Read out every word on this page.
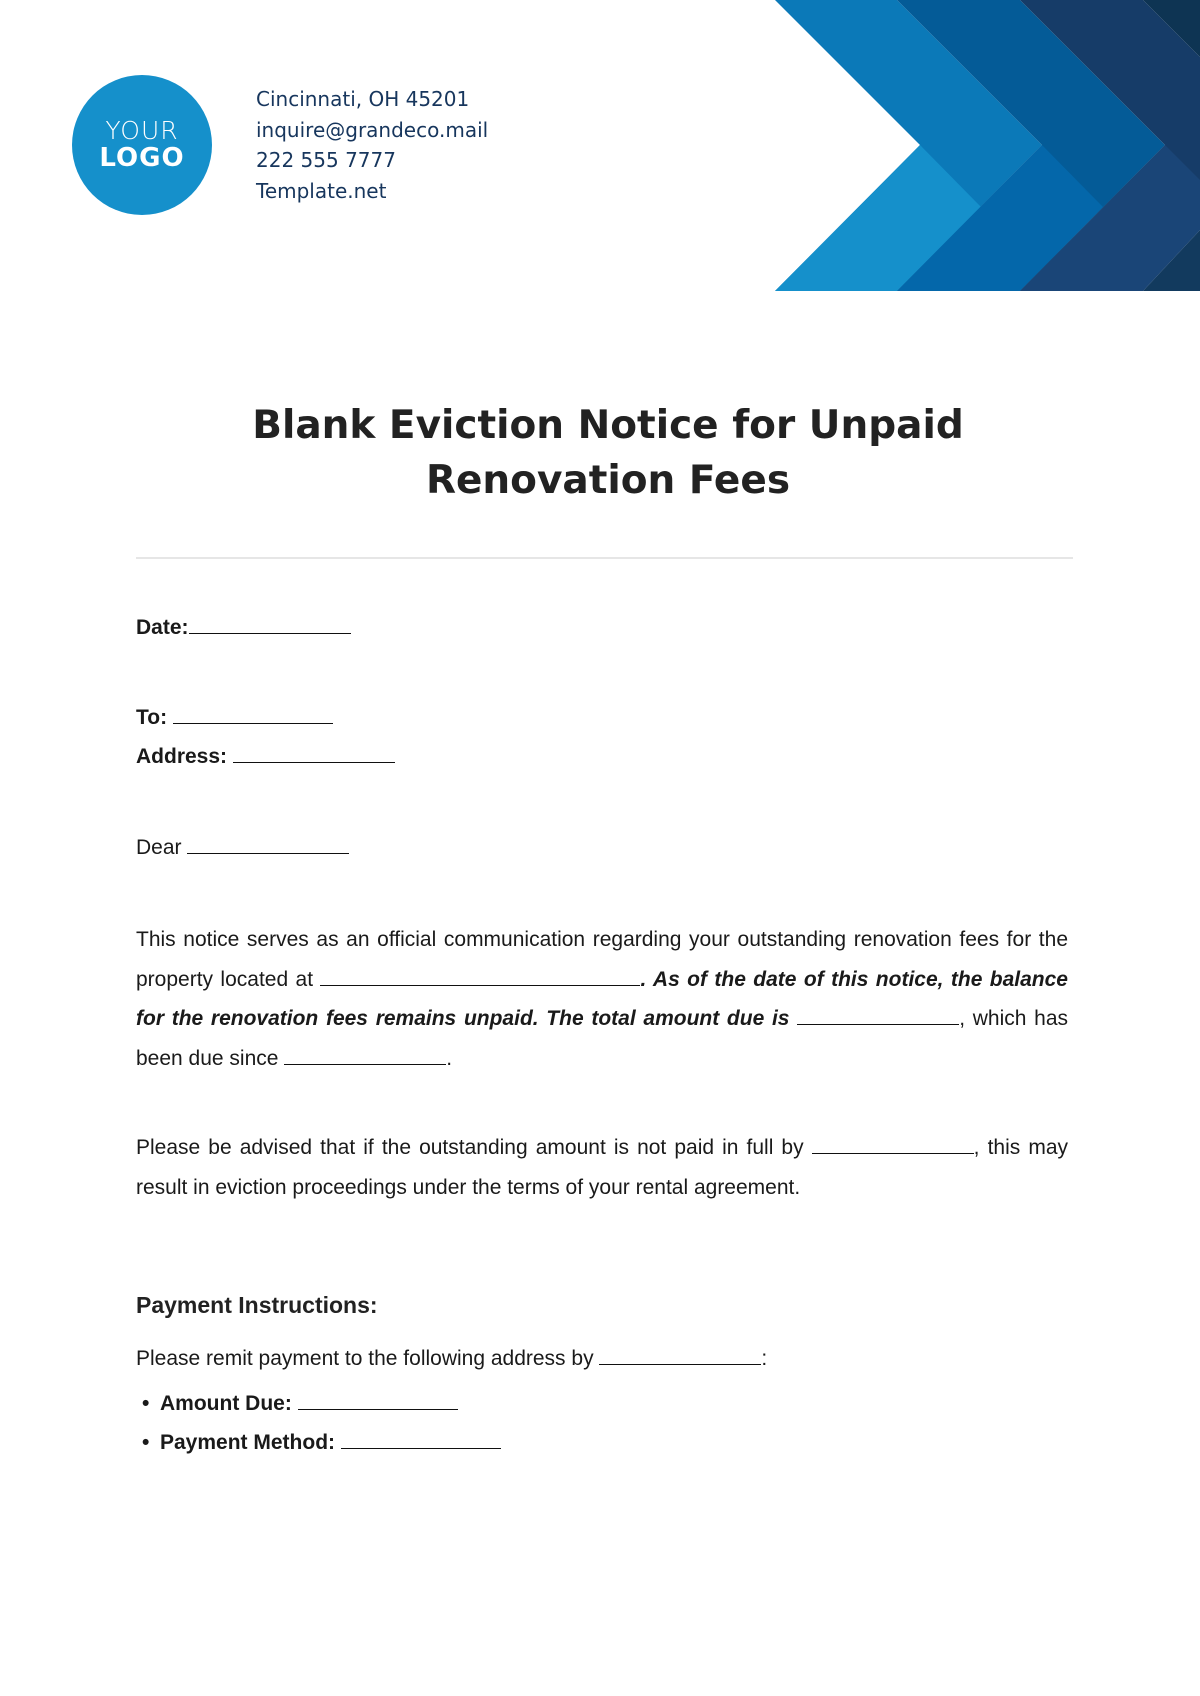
YOUR
LOGO
Cincinnati, OH 45201
inquire@grandeco.mail
222 555 7777
Template.net
Blank Eviction Notice for Unpaid Renovation Fees
Date:
To:
Address:
Dear
This notice serves as an official communication regarding your outstanding renovation fees for the property located at	. As of the date of this notice, the balance for the renovation fees remains unpaid. The total amount due is	, which has been due since	.
Please be advised that if the outstanding amount is not paid in full by	, this may result in eviction proceedings under the terms of your rental agreement.
Payment Instructions:
Please remit payment to the following address by	:
• Amount Due:
• Payment Method:
